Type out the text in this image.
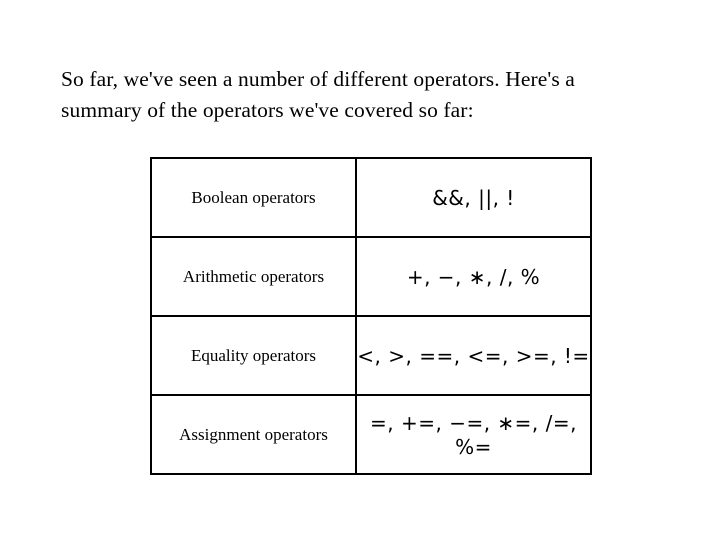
So far, we've seen a number of different operators. Here's a

summary of the operators we've covered so far:

Boolean operators	&&, ||, !
Arithmetic operators	+, −, ∗, /, %
Equality operators	<, >, ==, <=, >=, !=
Assignment operators	=, +=, −=, ∗=, /=, %=
